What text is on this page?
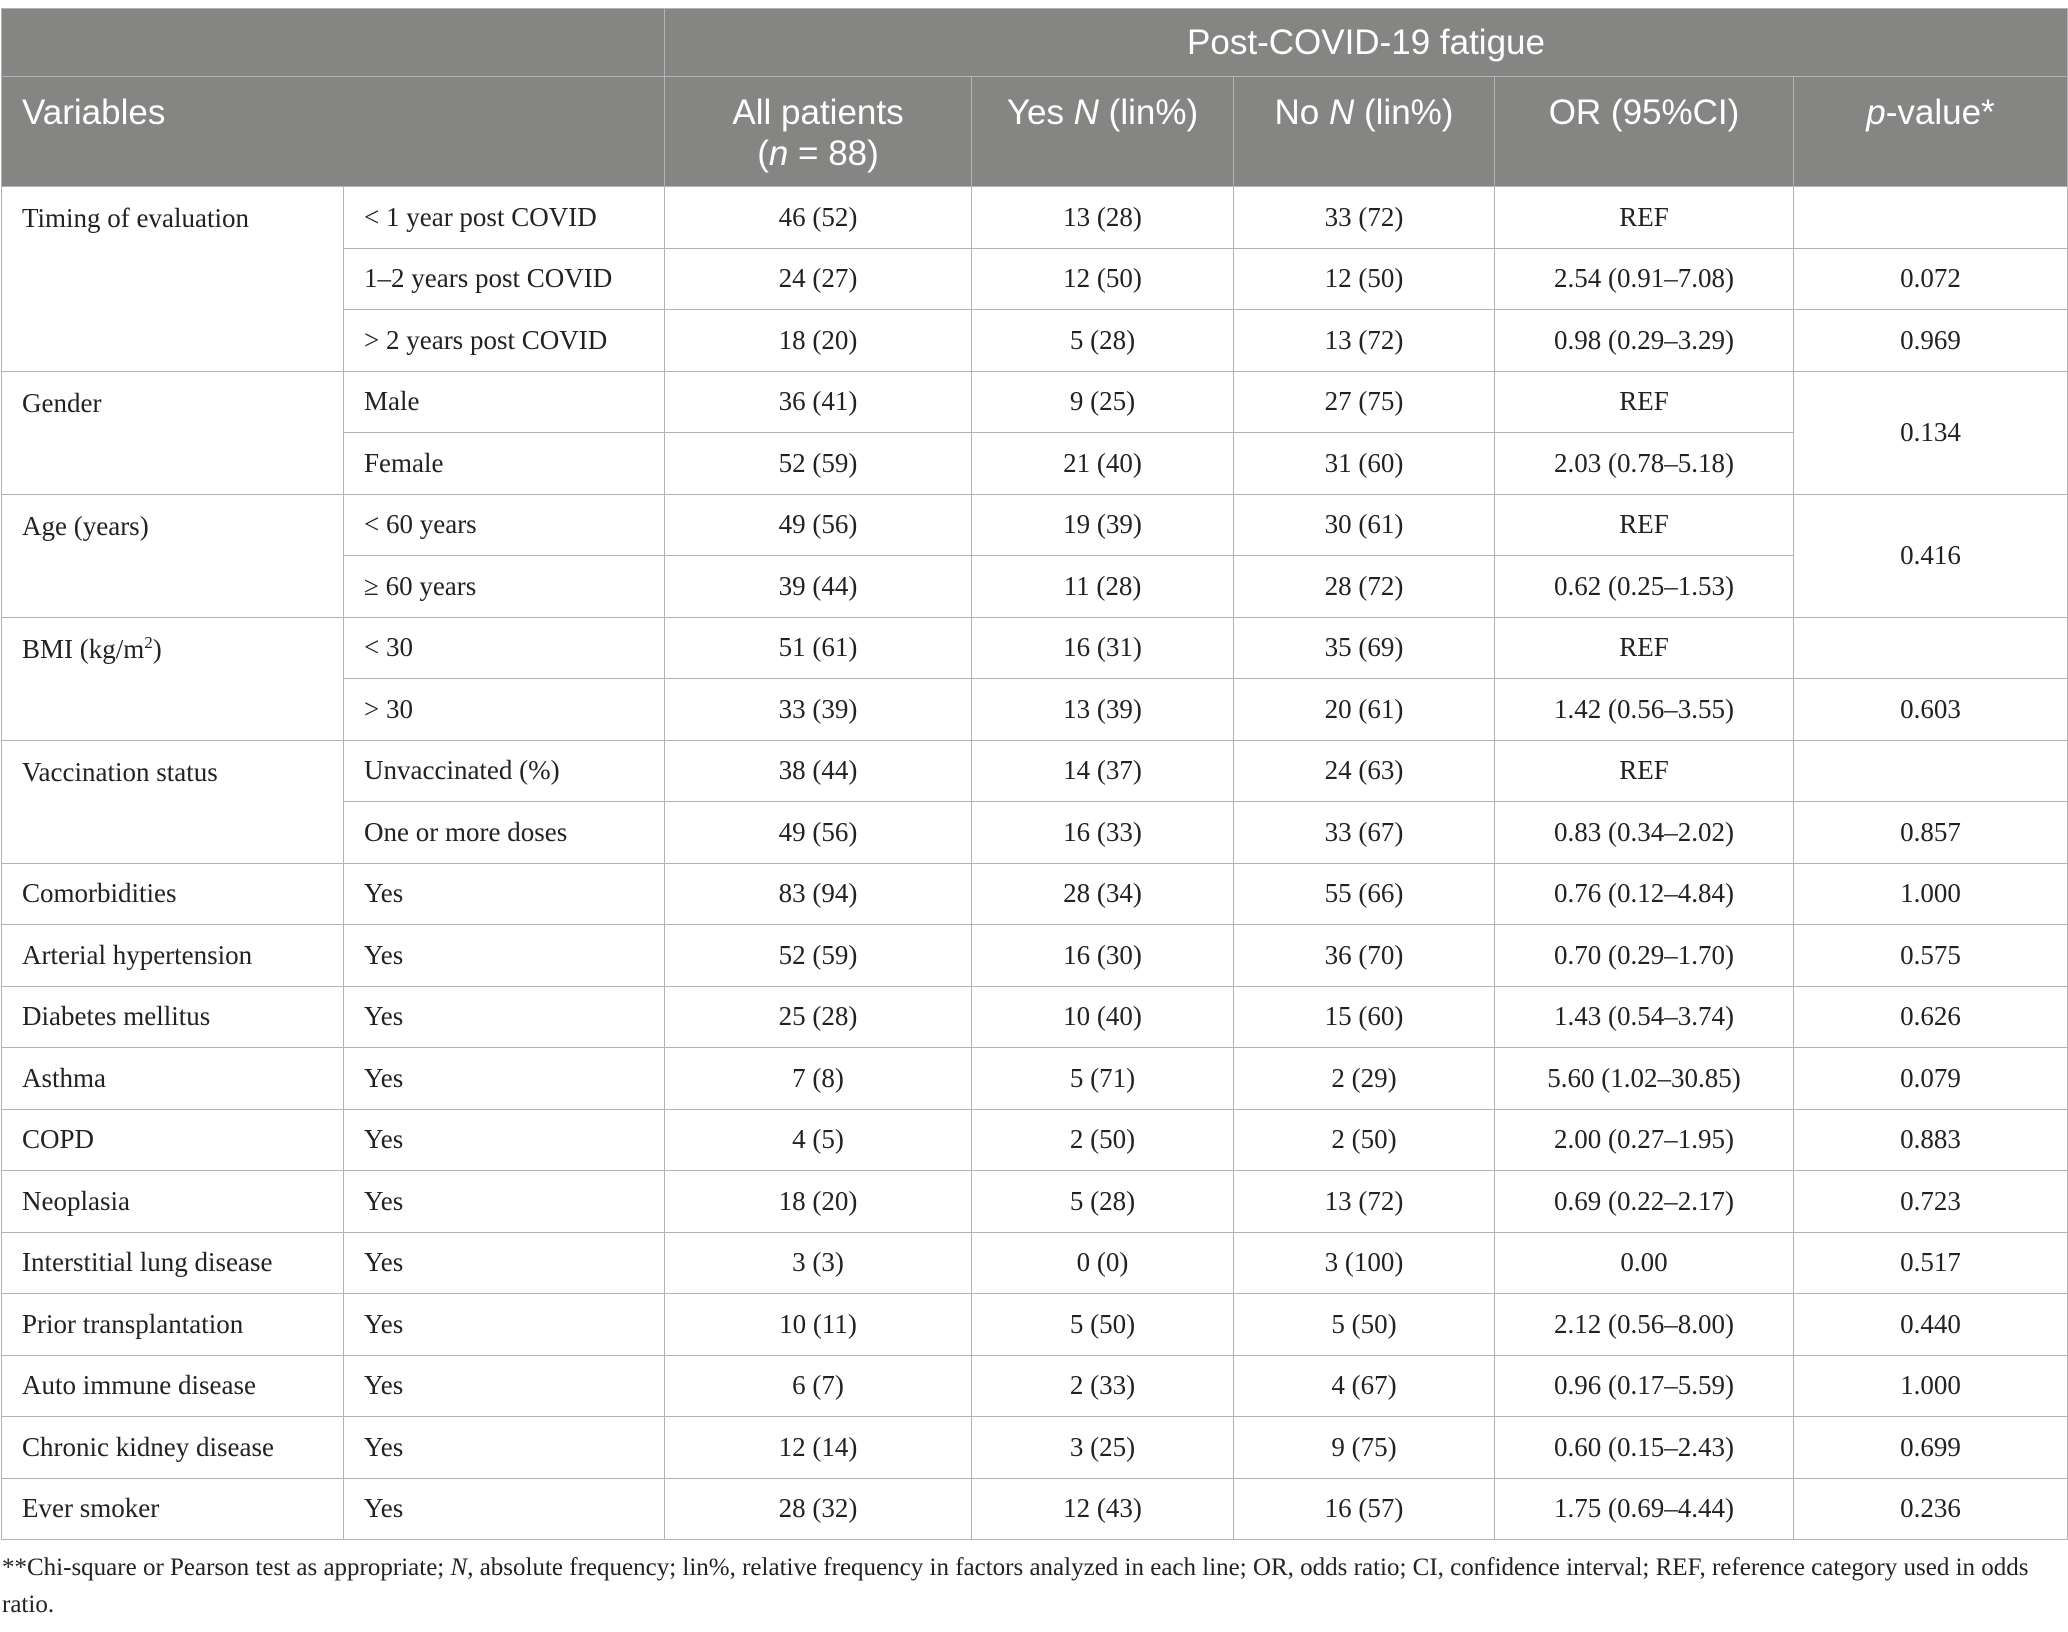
		Post-COVID-19 fatigue				
Variables		All patients
(n = 88)	Yes N (lin%)	No N (lin%)	OR (95%CI)	p-value*
Timing of evaluation	< 1 year post COVID	46 (52)	13 (28)	33 (72)	REF	
	1–2 years post COVID	24 (27)	12 (50)	12 (50)	2.54 (0.91–7.08)	0.072
	> 2 years post COVID	18 (20)	5 (28)	13 (72)	0.98 (0.29–3.29)	0.969
Gender	Male	36 (41)	9 (25)	27 (75)	REF	0.134
	Female	52 (59)	21 (40)	31 (60)	2.03 (0.78–5.18)	
Age (years)	< 60 years	49 (56)	19 (39)	30 (61)	REF	0.416
	≥ 60 years	39 (44)	11 (28)	28 (72)	0.62 (0.25–1.53)	
BMI $(kg/m^2)$	< 30	51 (61)	16 (31)	35 (69)	REF	
	> 30	33 (39)	13 (39)	20 (61)	1.42 (0.56–3.55)	0.603
Vaccination status	Unvaccinated (%)	38 (44)	14 (37)	24 (63)	REF	
	One or more doses	49 (56)	16 (33)	33 (67)	0.83 (0.34–2.02)	0.857
Comorbidities	Yes	83 (94)	28 (34)	55 (66)	0.76 (0.12–4.84)	1.000
Arterial hypertension	Yes	52 (59)	16 (30)	36 (70)	0.70 (0.29–1.70)	0.575
Diabetes mellitus	Yes	25 (28)	10 (40)	15 (60)	1.43 (0.54–3.74)	0.626
Asthma	Yes	7 (8)	5 (71)	2 (29)	5.60 (1.02–30.85)	0.079
COPD	Yes	4 (5)	2 (50)	2 (50)	2.00 (0.27–1.95)	0.883
Neoplasia	Yes	18 (20)	5 (28)	13 (72)	0.69 (0.22–2.17)	0.723
Interstitial lung disease	Yes	3 (3)	0 (0)	3 (100)	0.00	0.517
Prior transplantation	Yes	10 (11)	5 (50)	5 (50)	2.12 (0.56–8.00)	0.440
Auto immune disease	Yes	6 (7)	2 (33)	4 (67)	0.96 (0.17–5.59)	1.000
Chronic kidney disease	Yes	12 (14)	3 (25)	9 (75)	0.60 (0.15–2.43)	0.699
Ever smoker	Yes	28 (32)	12 (43)	16 (57)	1.75 (0.69–4.44)	0.236
**Chi-square or Pearson test as appropriate; N, absolute frequency; lin%, relative frequency in factors analyzed in each line; OR, odds ratio; CI, confidence interval; REF, reference category used in odds ratio.
